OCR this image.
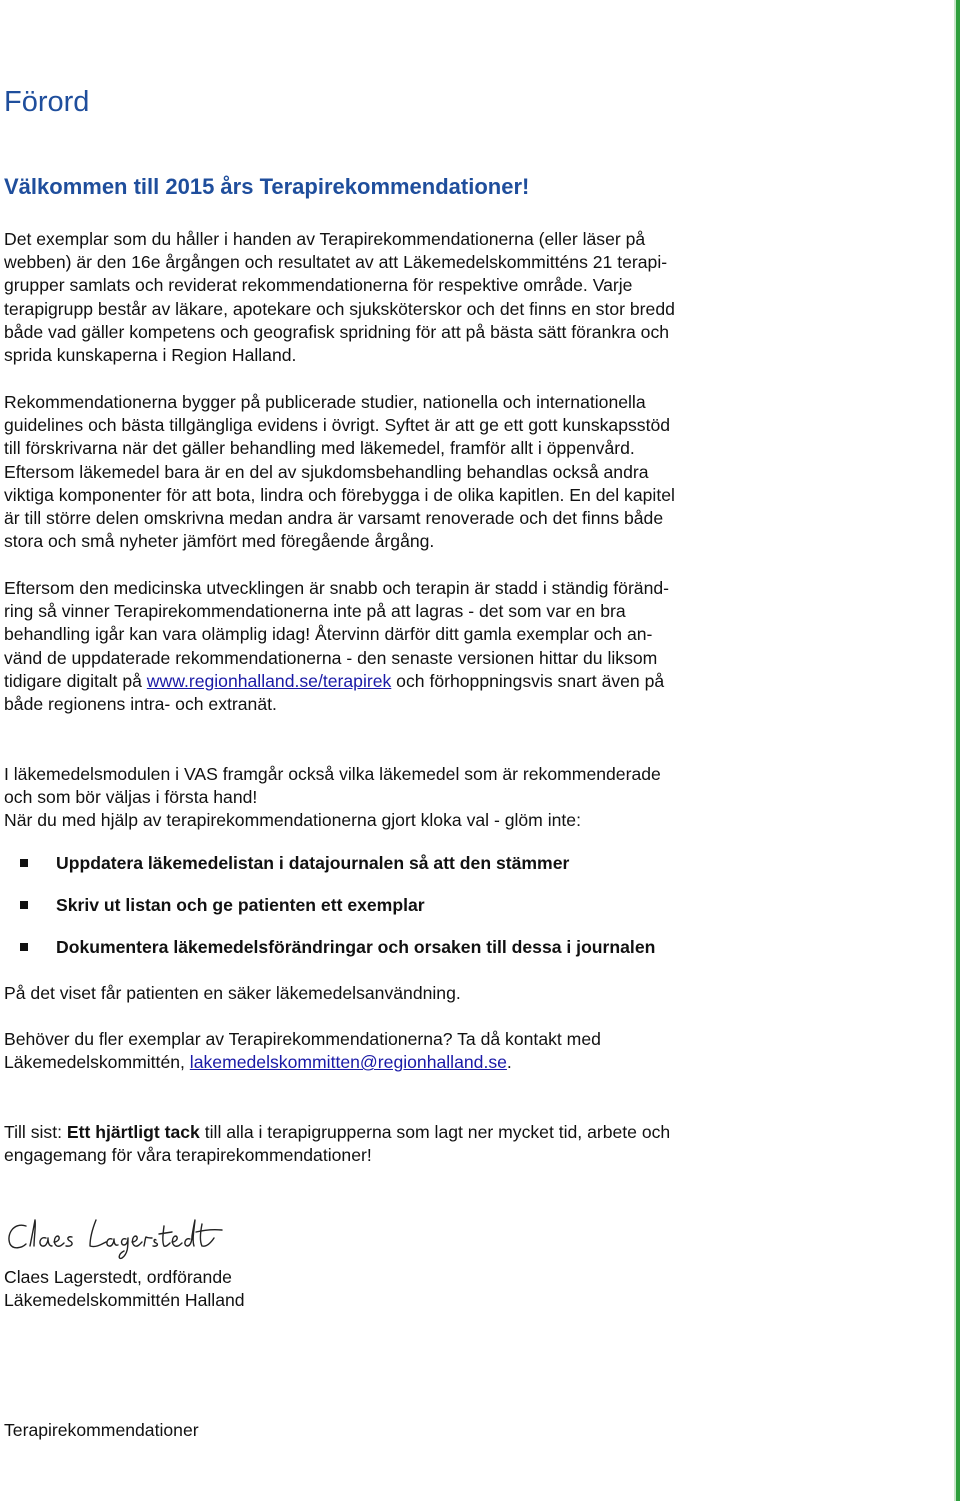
Förord
Välkommen till 2015 års Terapirekommendationer!
Det exemplar som du håller i handen av Terapirekommendationerna (eller läser på
webben) är den 16e årgången och resultatet av att Läkemedelskommitténs 21 terapi-
grupper samlats och reviderat rekommendationerna för respektive område. Varje
terapigrupp består av läkare, apotekare och sjuksköterskor och det finns en stor bredd
både vad gäller kompetens och geografisk spridning för att på bästa sätt förankra och
sprida kunskaperna i Region Halland.
Rekommendationerna bygger på publicerade studier, nationella och internationella
guidelines och bästa tillgängliga evidens i övrigt. Syftet är att ge ett gott kunskapsstöd
till förskrivarna när det gäller behandling med läkemedel, framför allt i öppenvård.
Eftersom läkemedel bara är en del av sjukdomsbehandling behandlas också andra
viktiga komponenter för att bota, lindra och förebygga i de olika kapitlen. En del kapitel
är till större delen omskrivna medan andra är varsamt renoverade och det finns både
stora och små nyheter jämfört med föregående årgång.
Eftersom den medicinska utvecklingen är snabb och terapin är stadd i ständig föränd-
ring så vinner Terapirekommendationerna inte på att lagras - det som var en bra
behandling igår kan vara olämplig idag! Återvinn därför ditt gamla exemplar och an-
vänd de uppdaterade rekommendationerna - den senaste versionen hittar du liksom
tidigare digitalt på www.regionhalland.se/terapirek och förhoppningsvis snart även på
både regionens intra- och extranät.
I läkemedelsmodulen i VAS framgår också vilka läkemedel som är rekommenderade
och som bör väljas i första hand!
När du med hjälp av terapirekommendationerna gjort kloka val - glöm inte:
Uppdatera läkemedelistan i datajournalen så att den stämmer
Skriv ut listan och ge patienten ett exemplar
Dokumentera läkemedelsförändringar och orsaken till dessa i journalen
På det viset får patienten en säker läkemedelsanvändning.
Behöver du fler exemplar av Terapirekommendationerna? Ta då kontakt med
Läkemedelskommittén, lakemedelskommitten@regionhalland.se.
Till sist: Ett hjärtligt tack till alla i terapigrupperna som lagt ner mycket tid, arbete och
engagemang för våra terapirekommendationer!
Claes Lagerstedt, ordförande
Läkemedelskommittén Halland
Terapirekommendationer
